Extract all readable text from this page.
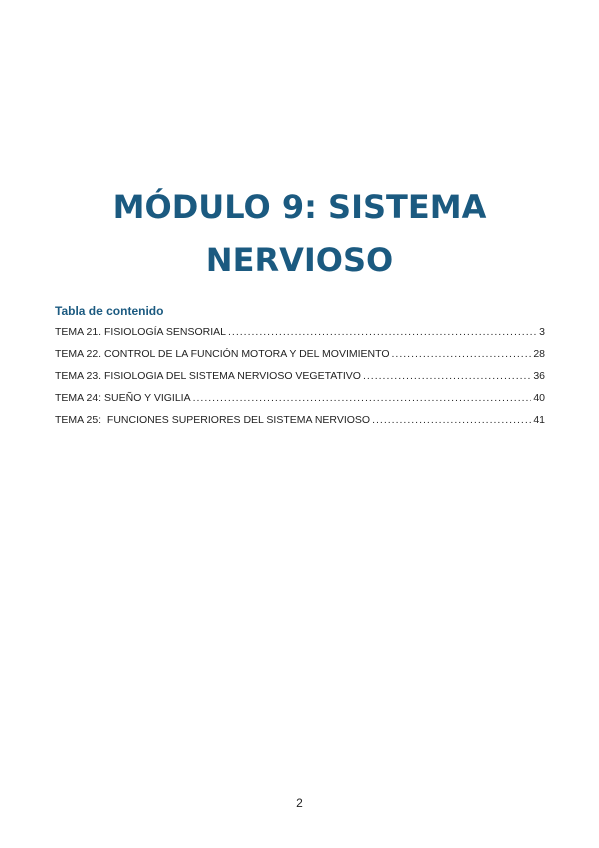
MÓDULO 9: SISTEMA
NERVIOSO
Tabla de contenido
TEMA 21. FISIOLOGÍA SENSORIAL .....	3
TEMA 22. CONTROL DE LA FUNCIÓN MOTORA Y DEL MOVIMIENTO .....	28
TEMA 23. FISIOLOGIA DEL SISTEMA NERVIOSO VEGETATIVO .....	36
TEMA 24: SUEÑO Y VIGILIA .....	40
TEMA 25:  FUNCIONES SUPERIORES DEL SISTEMA NERVIOSO .....	41
2
